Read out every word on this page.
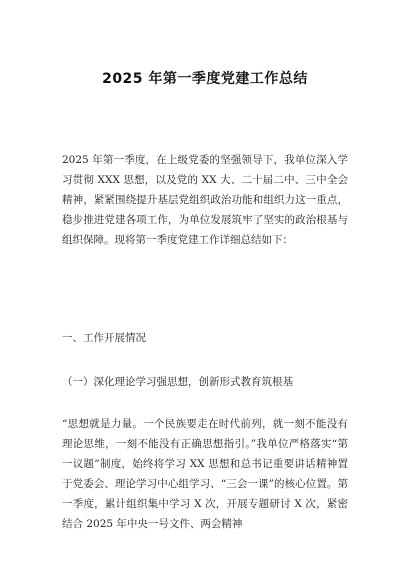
2025 年第一季度党建工作总结

2025 年第一季度，在上级党委的坚强领导下，我单位深入学习贯彻 XXX 思想，以及党的 XX 大、二十届二中、三中全会精神，紧紧围绕提升基层党组织政治功能和组织力这一重点，稳步推进党建各项工作，为单位发展筑牢了坚实的政治根基与组织保障。现将第一季度党建工作详细总结如下：

一、工作开展情况

（一）深化理论学习强思想，创新形式教育筑根基

“思想就是力量。一个民族要走在时代前列，就一刻不能没有理论思维，一刻不能没有正确思想指引。”我单位严格落实“第一议题”制度，始终将学习 XX 思想和总书记重要讲话精神置于党委会、理论学习中心组学习、“三会一课”的核心位置。第一季度，累计组织集中学习 X 次，开展专题研讨 X 次，紧密结合 2025 年中央一号文件、两会精神
